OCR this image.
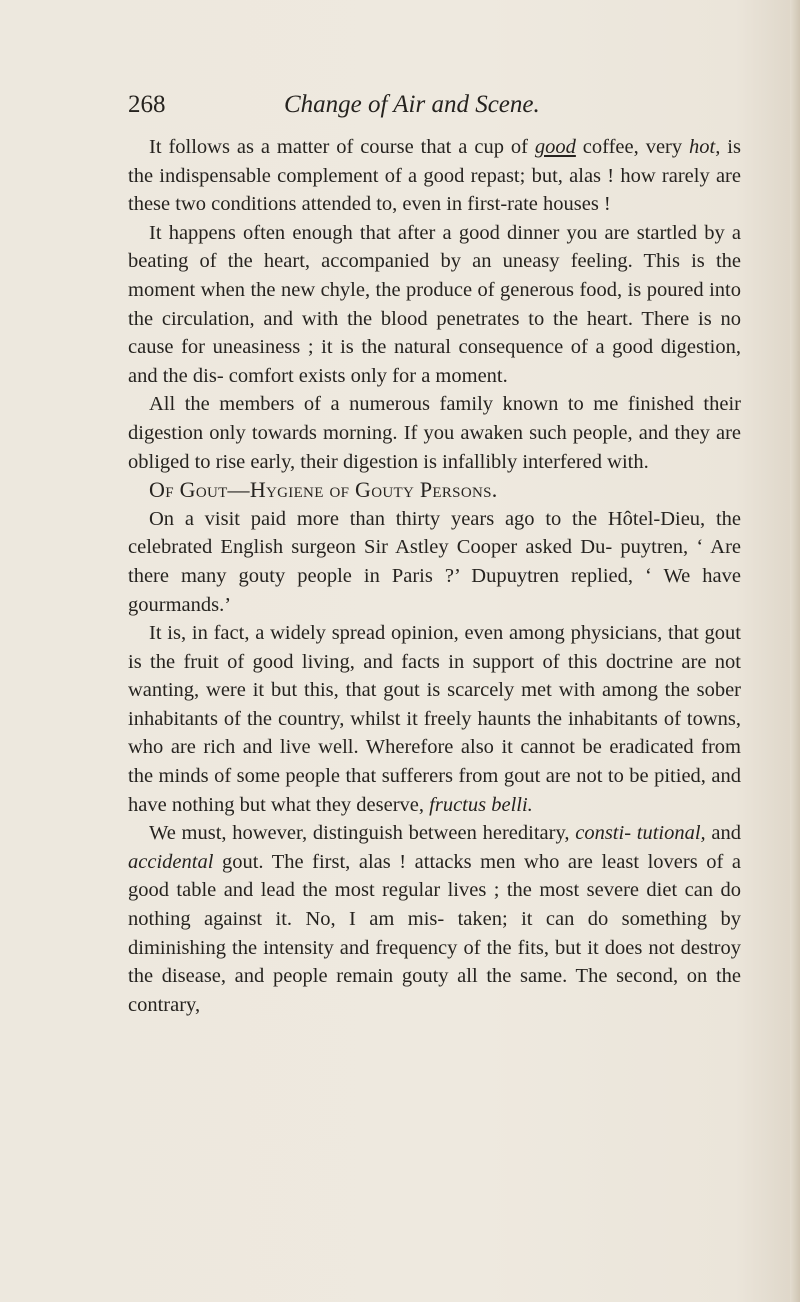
268	Change of Air and Scene.

It follows as a matter of course that a cup of good coffee, very hot, is the indispensable complement of a good repast; but, alas ! how rarely are these two conditions attended to, even in first-rate houses !

It happens often enough that after a good dinner you are startled by a beating of the heart, accompanied by an uneasy feeling. This is the moment when the new chyle, the produce of generous food, is poured into the circulation, and with the blood penetrates to the heart. There is no cause for uneasiness ; it is the natural consequence of a good digestion, and the dis- comfort exists only for a moment.

All the members of a numerous family known to me finished their digestion only towards morning. If you awaken such people, and they are obliged to rise early, their digestion is infallibly interfered with.

Of Gout—Hygiene of Gouty Persons.

On a visit paid more than thirty years ago to the Hôtel-Dieu, the celebrated English surgeon Sir Astley Cooper asked Du- puytren, ‘ Are there many gouty people in Paris ?’ Dupuytren replied, ‘ We have gourmands.’

It is, in fact, a widely spread opinion, even among physicians, that gout is the fruit of good living, and facts in support of this doctrine are not wanting, were it but this, that gout is scarcely met with among the sober inhabitants of the country, whilst it freely haunts the inhabitants of towns, who are rich and live well. Wherefore also it cannot be eradicated from the minds of some people that sufferers from gout are not to be pitied, and have nothing but what they deserve, fructus belli.

We must, however, distinguish between hereditary, consti- tutional, and accidental gout. The first, alas ! attacks men who are least lovers of a good table and lead the most regular lives ; the most severe diet can do nothing against it. No, I am mis- taken; it can do something by diminishing the intensity and frequency of the fits, but it does not destroy the disease, and people remain gouty all the same. The second, on the contrary,
